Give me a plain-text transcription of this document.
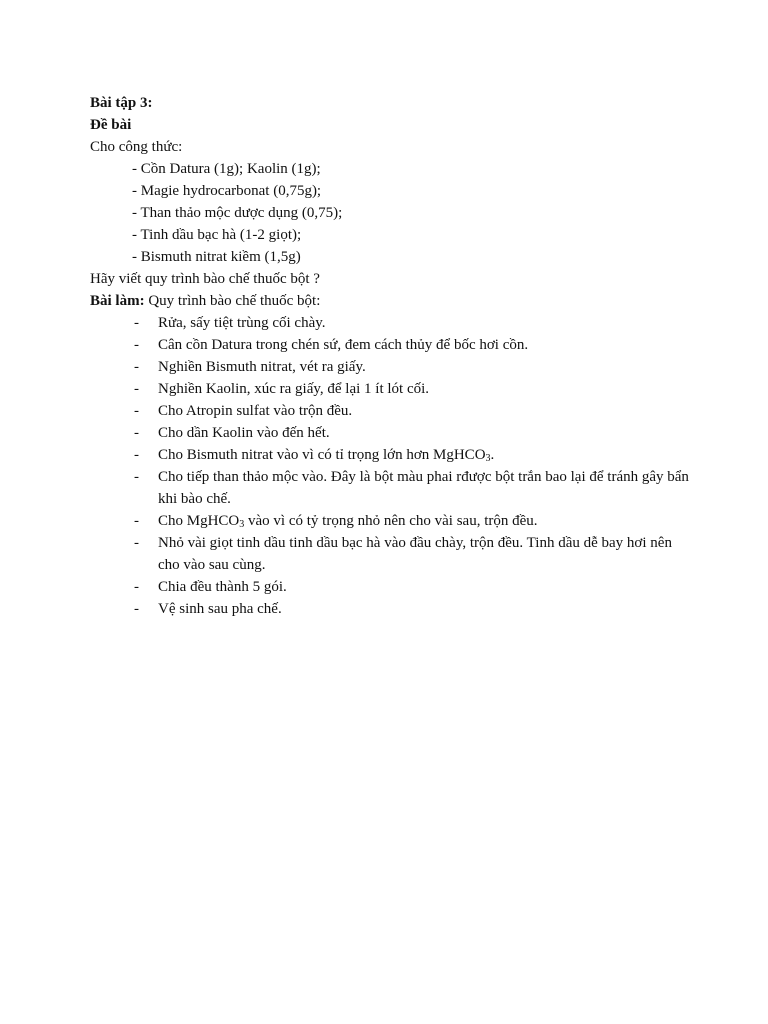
Bài tập 3:
Đề bài
Cho công thức:
- Cồn Datura (1g); Kaolin (1g);
- Magie hydrocarbonat (0,75g);
- Than thảo mộc dược dụng (0,75);
- Tinh dầu bạc hà (1-2 giọt);
- Bismuth nitrat kiềm (1,5g)
Hãy viết quy trình bào chế thuốc bột ?
Bài làm: Quy trình bào chế thuốc bột:
- Rửa, sấy tiệt trùng cối chày.
- Cân cồn Datura trong chén sứ, đem cách thủy để bốc hơi cồn.
- Nghiền Bismuth nitrat, vét ra giấy.
- Nghiền Kaolin, xúc ra giấy, để lại 1 ít lót cối.
- Cho Atropin sulfat vào trộn đều.
- Cho dần Kaolin vào đến hết.
- Cho Bismuth nitrat vào vì có tỉ trọng lớn hơn MgHCO$_3$.
- Cho tiếp than thảo mộc vào. Đây là bột màu phai rđược bột trắn bao lại để tránh gây bẩn khi bào chế.
- Cho MgHCO$_3$ vào vì có tỷ trọng nhỏ nên cho vài sau, trộn đều.
- Nhỏ vài giọt tinh dầu tinh dầu bạc hà vào đầu chày, trộn đều. Tinh dầu dễ bay hơi nên cho vào sau cùng.
- Chia đều thành 5 gói.
- Vệ sinh sau pha chế.
